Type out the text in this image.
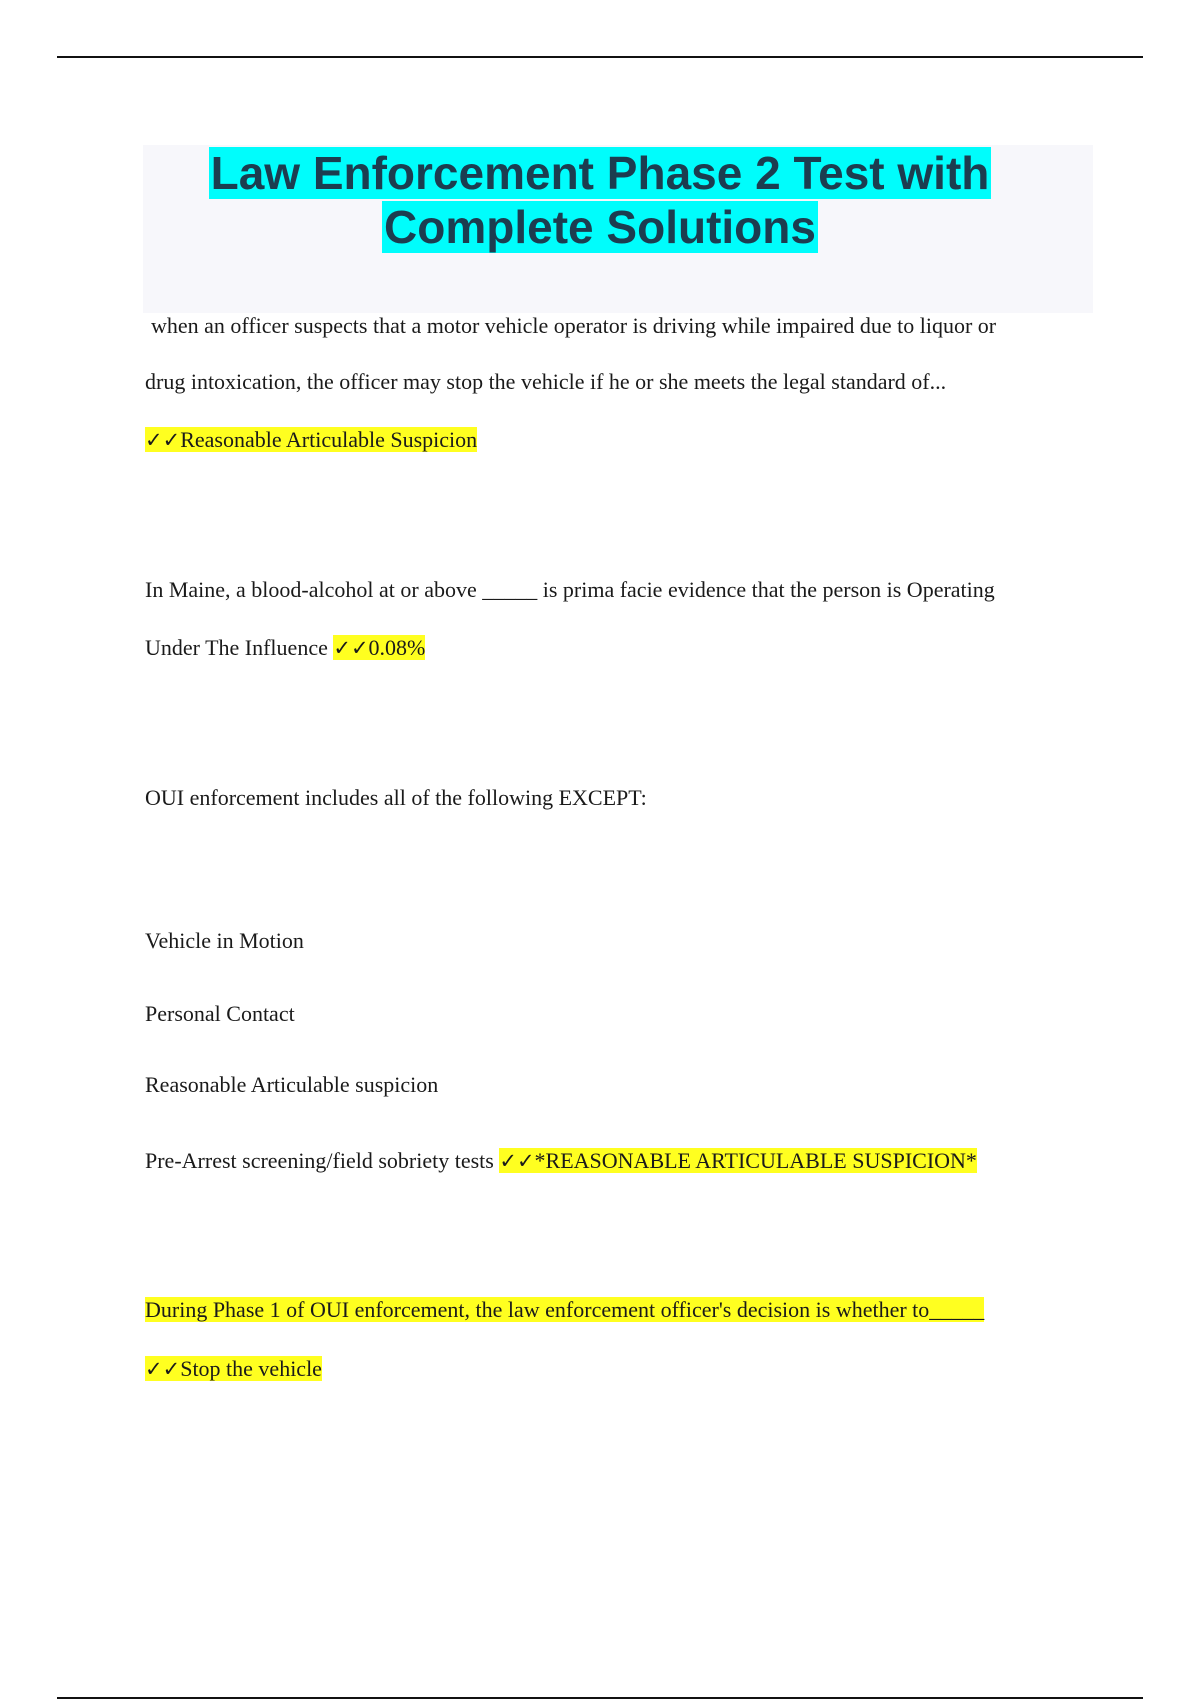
Law Enforcement Phase 2 Test with
Complete Solutions
when an officer suspects that a motor vehicle operator is driving while impaired due to liquor or
drug intoxication, the officer may stop the vehicle if he or she meets the legal standard of...
✓✓Reasonable Articulable Suspicion
In Maine, a blood-alcohol at or above _____ is prima facie evidence that the person is Operating
Under The Influence ✓✓0.08%
OUI enforcement includes all of the following EXCEPT:
Vehicle in Motion
Personal Contact
Reasonable Articulable suspicion
Pre-Arrest screening/field sobriety tests ✓✓*REASONABLE ARTICULABLE SUSPICION*
During Phase 1 of OUI enforcement, the law enforcement officer's decision is whether to_____
✓✓Stop the vehicle
